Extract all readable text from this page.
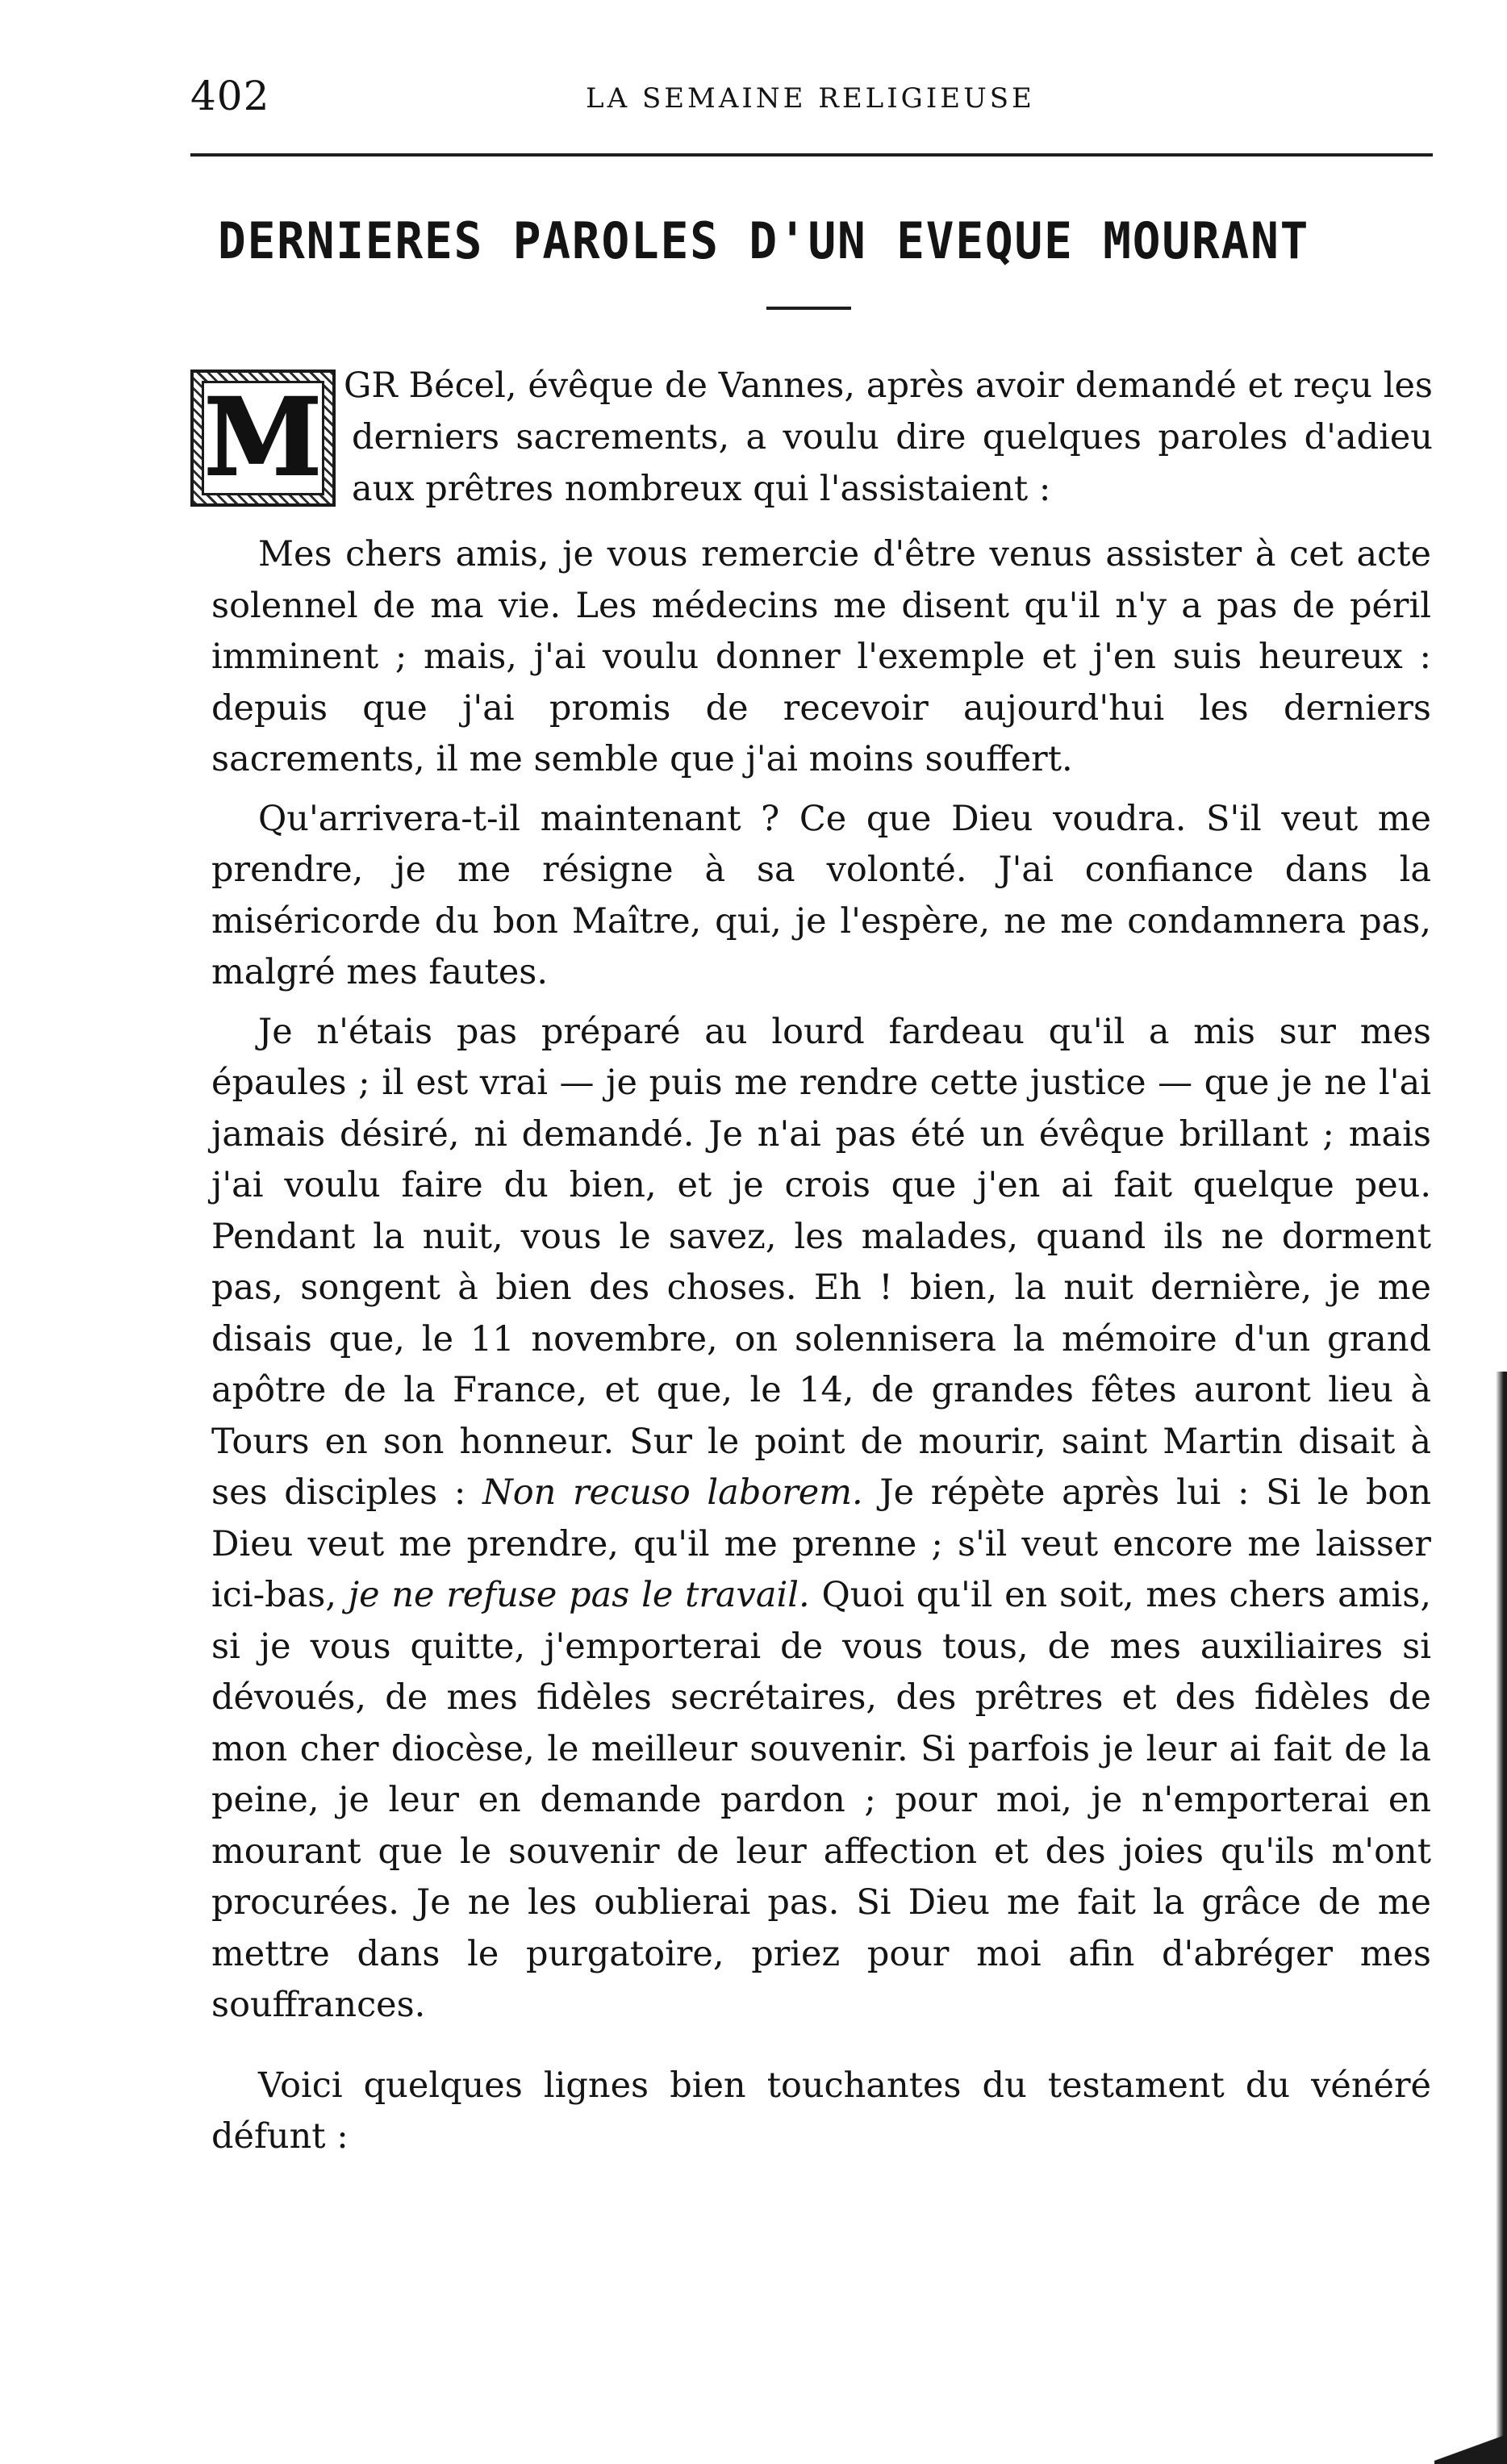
402	LA SEMAINE RELIGIEUSE
DERNIERES PAROLES D'UN EVEQUE MOURANT
M GR Bécel, évêque de Vannes, après avoir demandé et reçu les derniers sacrements, a voulu dire quelques paroles d'adieu aux prêtres nombreux qui l'assistaient :

Mes chers amis, je vous remercie d'être venus assister à cet acte solennel de ma vie. Les médecins me disent qu'il n'y a pas de péril imminent ; mais, j'ai voulu donner l'exemple et j'en suis heureux : depuis que j'ai promis de recevoir aujourd'hui les derniers sacrements, il me semble que j'ai moins souffert.

Qu'arrivera-t-il maintenant ? Ce que Dieu voudra. S'il veut me prendre, je me résigne à sa volonté. J'ai confiance dans la miséricorde du bon Maître, qui, je l'espère, ne me condamnera pas, malgré mes fautes.

Je n'étais pas préparé au lourd fardeau qu'il a mis sur mes épaules ; il est vrai — je puis me rendre cette justice — que je ne l'ai jamais désiré, ni demandé. Je n'ai pas été un évêque brillant ; mais j'ai voulu faire du bien, et je crois que j'en ai fait quelque peu. Pendant la nuit, vous le savez, les malades, quand ils ne dorment pas, songent à bien des choses. Eh ! bien, la nuit dernière, je me disais que, le 11 novembre, on solennisera la mémoire d'un grand apôtre de la France, et que, le 14, de grandes fêtes auront lieu à Tours en son honneur. Sur le point de mourir, saint Martin disait à ses disciples : Non recuso laborem. Je répète après lui : Si le bon Dieu veut me prendre, qu'il me prenne ; s'il veut encore me laisser ici-bas, je ne refuse pas le travail. Quoi qu'il en soit, mes chers amis, si je vous quitte, j'emporterai de vous tous, de mes auxiliaires si dévoués, de mes fidèles secrétaires, des prêtres et des fidèles de mon cher diocèse, le meilleur souvenir. Si parfois je leur ai fait de la peine, je leur en demande pardon ; pour moi, je n'emporterai en mourant que le souvenir de leur affection et des joies qu'ils m'ont procurées. Je ne les oublierai pas. Si Dieu me fait la grâce de me mettre dans le purgatoire, priez pour moi afin d'abréger mes souffrances.

Voici quelques lignes bien touchantes du testament du vénéré défunt :
